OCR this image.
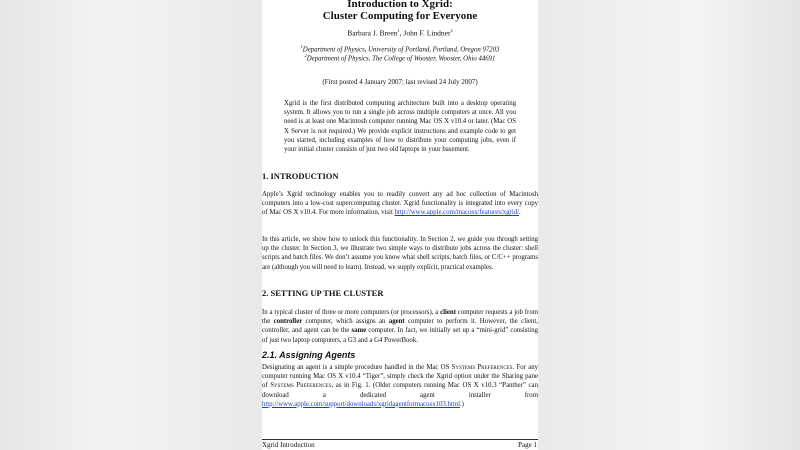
Introduction to Xgrid:
Cluster Computing for Everyone
Barbara J. Breen$^1$, John F. Lindner$^2$
$^1$Department of Physics, University of Portland, Portland, Oregon 97203
$^2$Department of Physics, The College of Wooster, Wooster, Ohio 44691
(First posted 4 January 2007; last revised 24 July 2007)
Xgrid is the first distributed computing architecture built into a desktop operating system. It allows you to run a single job across multiple computers at once. All you need is at least one Macintosh computer running Mac OS X v10.4 or later. (Mac OS X Server is not required.) We provide explicit instructions and example code to get you started, including examples of how to distribute your computing jobs, even if your initial cluster consists of just two old laptops in your basement.
1. INTRODUCTION
Apple’s Xgrid technology enables you to readily convert any ad hoc collection of Macintosh computers into a low-cost supercomputing cluster. Xgrid functionality is integrated into every copy of Mac OS X v10.4. For more information, visit http://www.apple.com/macosx/features/xgrid/.
In this article, we show how to unlock this functionality. In Section 2, we guide you through setting up the cluster. In Section 3, we illustrate two simple ways to distribute jobs across the cluster: shell scripts and batch files. We don’t assume you know what shell scripts, batch files, or C/C++ programs are (although you will need to learn). Instead, we supply explicit, practical examples.
2. SETTING UP THE CLUSTER
In a typical cluster of three or more computers (or processors), a client computer requests a job from the controller computer, which assigns an agent computer to perform it. However, the client, controller, and agent can be the same computer. In fact, we initially set up a “mini-grid” consisting of just two laptop computers, a G3 and a G4 PowerBook.
2.1. Assigning Agents
Designating an agent is a simple procedure handled in the Mac OS Systems Preferences. For any computer running Mac OS X v10.4 “Tiger”, simply check the Xgrid option under the Sharing pane of Systems Preferences, as in Fig. 1. (Older computers running Mac OS X v10.3 “Panther” can download a dedicated agent installer from http://www.apple.com/support/downloads/xgridagentformacosx103.html.)
Xgrid Introduction	Page 1
